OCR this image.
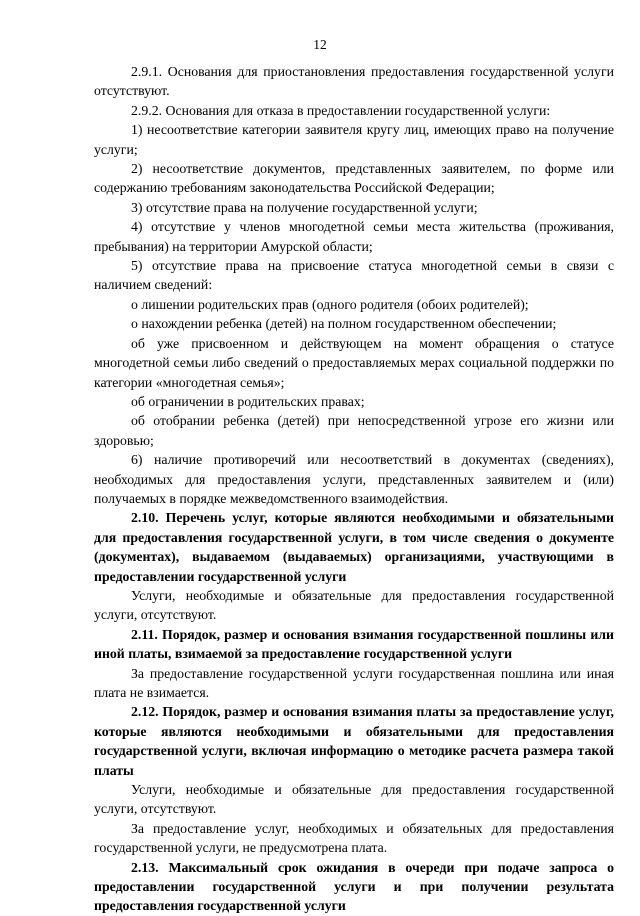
12

2.9.1. Основания для приостановления предоставления государственной услуги отсутствуют.

2.9.2. Основания для отказа в предоставлении государственной услуги:

1) несоответствие категории заявителя кругу лиц, имеющих право на получение услуги;

2) несоответствие документов, представленных заявителем, по форме или содержанию требованиям законодательства Российской Федерации;

3) отсутствие права на получение государственной услуги;

4) отсутствие у членов многодетной семьи места жительства (проживания, пребывания) на территории Амурской области;

5) отсутствие права на присвоение статуса многодетной семьи в связи с наличием сведений:

о лишении родительских прав (одного родителя (обоих родителей);

о нахождении ребенка (детей) на полном государственном обеспечении;

об уже присвоенном и действующем на момент обращения о статусе многодетной семьи либо сведений о предоставляемых мерах социальной поддержки по категории «многодетная семья»;

об ограничении в родительских правах;

об отобрании ребенка (детей) при непосредственной угрозе его жизни или здоровью;

6) наличие противоречий или несоответствий в документах (сведениях), необходимых для предоставления услуги, представленных заявителем и (или) получаемых в порядке межведомственного взаимодействия.

2.10. Перечень услуг, которые являются необходимыми и обязательными для предоставления государственной услуги, в том числе сведения о документе (документах), выдаваемом (выдаваемых) организациями, участвующими в предоставлении государственной услуги

Услуги, необходимые и обязательные для предоставления государственной услуги, отсутствуют.

2.11. Порядок, размер и основания взимания государственной пошлины или иной платы, взимаемой за предоставление государственной услуги

За предоставление государственной услуги государственная пошлина или иная плата не взимается.

2.12. Порядок, размер и основания взимания платы за предоставление услуг, которые являются необходимыми и обязательными для предоставления государственной услуги, включая информацию о методике расчета размера такой платы

Услуги, необходимые и обязательные для предоставления государственной услуги, отсутствуют.

За предоставление услуг, необходимых и обязательных для предоставления государственной услуги, не предусмотрена плата.

2.13. Максимальный срок ожидания в очереди при подаче запроса о предоставлении государственной услуги и при получении результата предоставления государственной услуги
